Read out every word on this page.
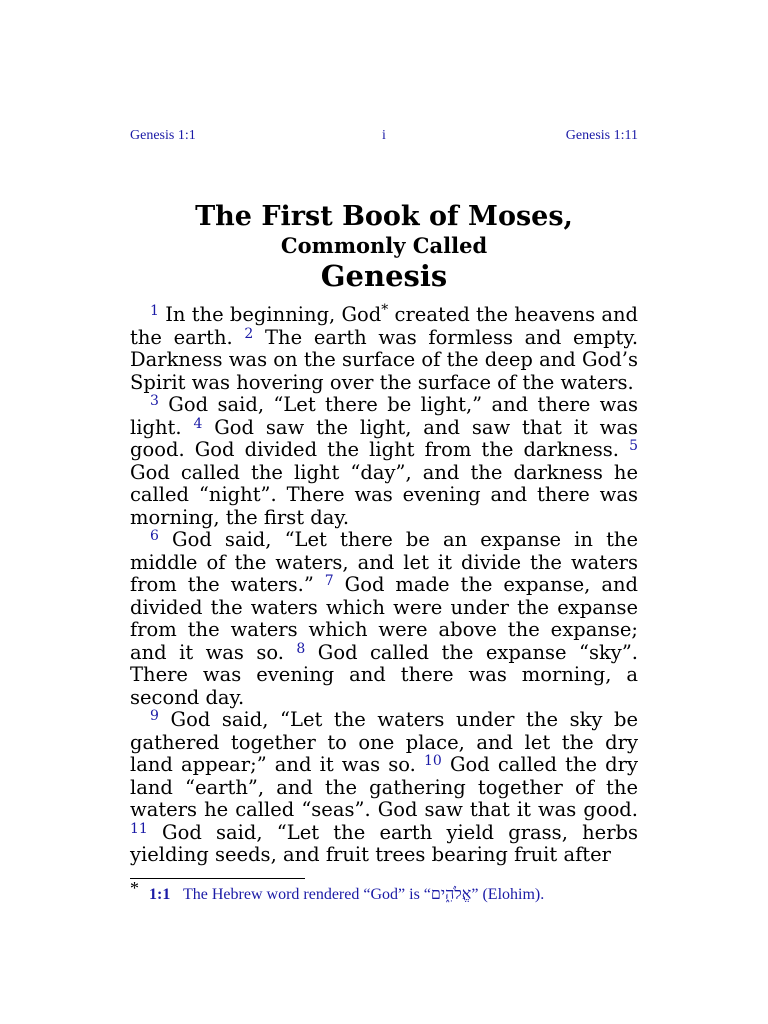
Genesis 1:1	i	Genesis 1:11
The First Book of Moses,
Commonly Called
Genesis

$^1$ In the beginning, God* created the heavens and the earth. $^2$ The earth was formless and empty. Darkness was on the surface of the deep and God’s Spirit was hovering over the surface of the waters.

$^3$ God said, “Let there be light,” and there was light. $^4$ God saw the light, and saw that it was good. God divided the light from the darkness. $^5$ God called the light “day”, and the darkness he called “night”. There was evening and there was morning, the first day.

$^6$ God said, “Let there be an expanse in the middle of the waters, and let it divide the waters from the waters.” $^7$ God made the expanse, and divided the waters which were under the expanse from the waters which were above the expanse; and it was so. $^8$ God called the expanse “sky”. There was evening and there was morning, a second day.

$^9$ God said, “Let the waters under the sky be gathered together to one place, and let the dry land appear;” and it was so. $^{10}$ God called the dry land “earth”, and the gathering together of the waters he called “seas”. God saw that it was good. $^{11}$ God said, “Let the earth yield grass, herbs yielding seeds, and fruit trees bearing fruit after

* 1:1 The Hebrew word rendered “God” is “אֱלֹהִ֑ים” (Elohim).
